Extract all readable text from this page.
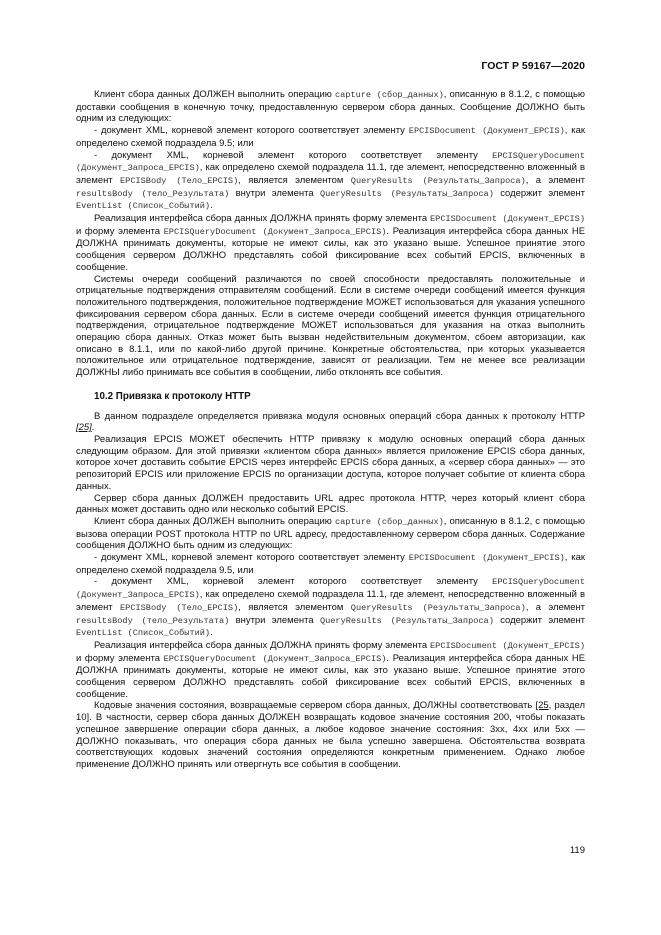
ГОСТ Р 59167—2020

Клиент сбора данных ДОЛЖЕН выполнить операцию capture (сбор_данных), описанную в 8.1.2, с помощью доставки сообщения в конечную точку, предоставленную сервером сбора данных. Сообщение ДОЛЖНО быть одним из следующих:

- документ XML, корневой элемент которого соответствует элементу EPCISDocument (Документ_EPCIS), как определено схемой подраздела 9.5; или

- документ XML, корневой элемент которого соответствует элементу EPCISQueryDocument (Документ_Запроса_EPCIS), как определено схемой подраздела 11.1, где элемент, непосредственно вложенный в элемент EPCISBody (Тело_EPCIS), является элементом QueryResults (Результаты_Запроса), а элемент resultsBody (тело_Результата) внутри элемента QueryResults (Результаты_Запроса) содержит элемент EventList (Список_Событий).

Реализация интерфейса сбора данных ДОЛЖНА принять форму элемента EPCISDocument (Документ_EPCIS) и форму элемента EPCISQueryDocument (Документ_Запроса_EPCIS). Реализация интерфейса сбора данных НЕ ДОЛЖНА принимать документы, которые не имеют силы, как это указано выше. Успешное принятие этого сообщения сервером ДОЛЖНО представлять собой фиксирование всех событий EPCIS, включенных в сообщение.

Системы очереди сообщений различаются по своей способности предоставлять положительные и отрицательные подтверждения отправителям сообщений. Если в системе очереди сообщений имеется функция положительного подтверждения, положительное подтверждение МОЖЕТ использоваться для указания успешного фиксирования сервером сбора данных. Если в системе очереди сообщений имеется функция отрицательного подтверждения, отрицательное подтверждение МОЖЕТ использоваться для указания на отказ выполнить операцию сбора данных. Отказ может быть вызван недействительным документом, сбоем авторизации, как описано в 8.1.1, или по какой-либо другой причине. Конкретные обстоятельства, при которых указывается положительное или отрицательное подтверждение, зависят от реализации. Тем не менее все реализации ДОЛЖНЫ либо принимать все события в сообщении, либо отклонять все события.

10.2 Привязка к протоколу HTTP

В данном подразделе определяется привязка модуля основных операций сбора данных к протоколу HTTP [25].

Реализация EPCIS МОЖЕТ обеспечить HTTP привязку к модулю основных операций сбора данных следующим образом. Для этой привязки «клиентом сбора данных» является приложение EPCIS сбора данных, которое хочет доставить событие EPCIS через интерфейс EPCIS сбора данных, а «сервер сбора данных» — это репозиторий EPCIS или приложение EPCIS по организации доступа, которое получает событие от клиента сбора данных.

Сервер сбора данных ДОЛЖЕН предоставить URL адрес протокола HTTP, через который клиент сбора данных может доставить одно или несколько событий EPCIS.

Клиент сбора данных ДОЛЖЕН выполнить операцию capture (сбор_данных), описанную в 8.1.2, с помощью вызова операции POST протокола HTTP по URL адресу, предоставленному сервером сбора данных. Содержание сообщения ДОЛЖНО быть одним из следующих:

- документ XML, корневой элемент которого соответствует элементу EPCISDocument (Документ_EPCIS), как определено схемой подраздела 9.5, или

- документ XML, корневой элемент которого соответствует элементу EPCISQueryDocument (Документ_Запроса_EPCIS), как определено схемой подраздела 11.1, где элемент, непосредственно вложенный в элемент EPCISBody (Тело_EPCIS), является элементом QueryResults (Результаты_Запроса), а элемент resultsBody (тело_Результата) внутри элемента QueryResults (Результаты_Запроса) содержит элемент EventList (Список_Событий).

Реализация интерфейса сбора данных ДОЛЖНА принять форму элемента EPCISDocument (Документ_EPCIS) и форму элемента EPCISQueryDocument (Документ_Запроса_EPCIS). Реализация интерфейса сбора данных НЕ ДОЛЖНА принимать документы, которые не имеют силы, как это указано выше. Успешное принятие этого сообщения сервером ДОЛЖНО представлять собой фиксирование всех событий EPCIS, включенных в сообщение.

Кодовые значения состояния, возвращаемые сервером сбора данных, ДОЛЖНЫ соответствовать [25, раздел 10]. В частности, сервер сбора данных ДОЛЖЕН возвращать кодовое значение состояния 200, чтобы показать успешное завершение операции сбора данных, а любое кодовое значение состояния: 3xx, 4xx или 5xx — ДОЛЖНО показывать, что операция сбора данных не была успешно завершена. Обстоятельства возврата соответствующих кодовых значений состояния определяются конкретным применением. Однако любое применение ДОЛЖНО принять или отвергнуть все события в сообщении.

119
